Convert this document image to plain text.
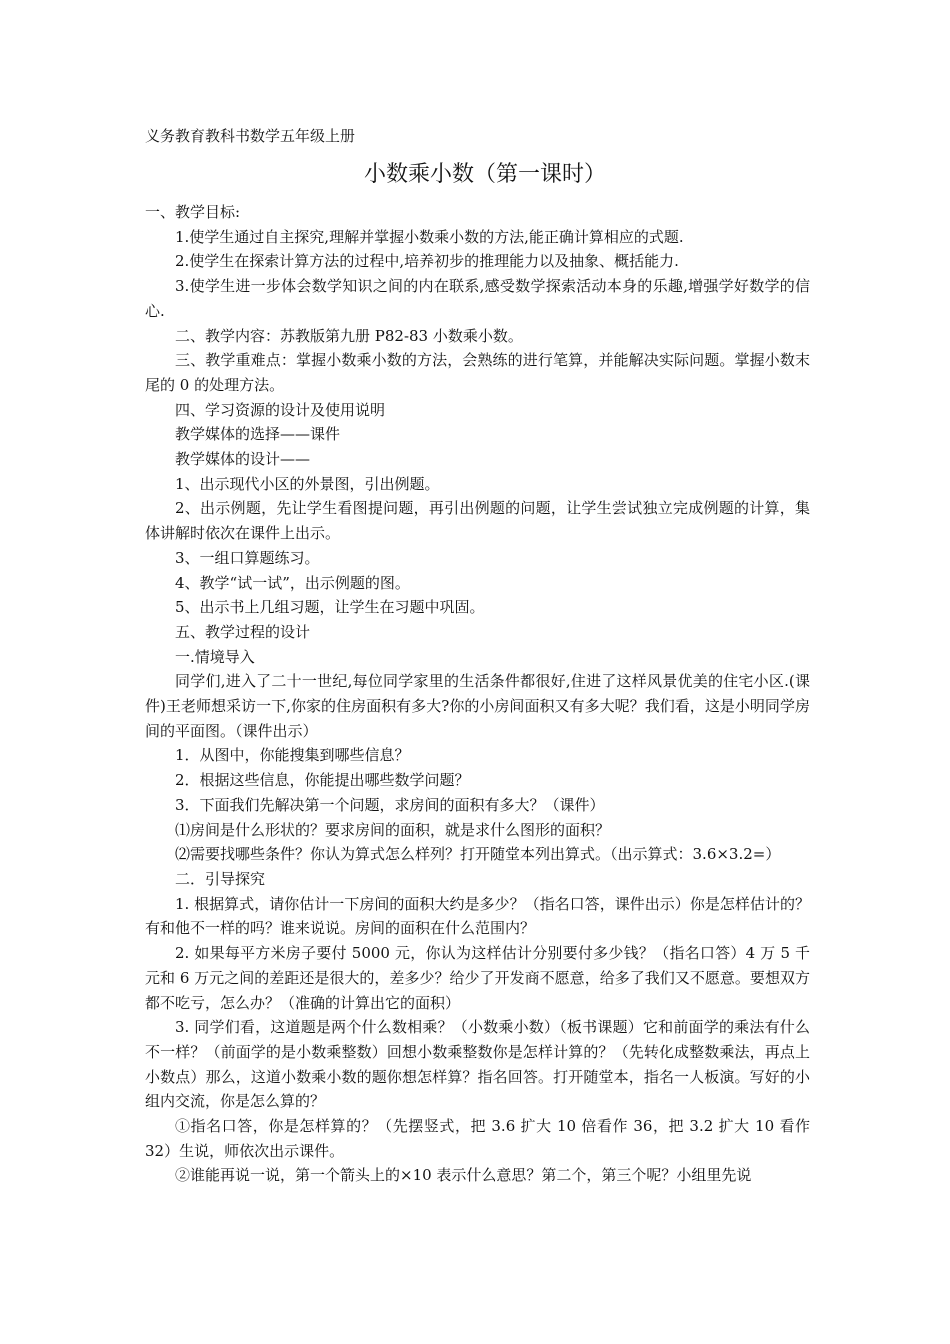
义务教育教科书数学五年级上册
小数乘小数（第一课时）

一、教学目标:

1.使学生通过自主探究,理解并掌握小数乘小数的方法,能正确计算相应的式题.

2.使学生在探索计算方法的过程中,培养初步的推理能力以及抽象、概括能力.

3.使学生进一步体会数学知识之间的内在联系,感受数学探索活动本身的乐趣,增强学好数学的信心.

二、教学内容：苏教版第九册 P82-83 小数乘小数。

三、教学重难点：掌握小数乘小数的方法，会熟练的进行笔算，并能解决实际问题。掌握小数末尾的 0 的处理方法。

四、学习资源的设计及使用说明

教学媒体的选择——课件

教学媒体的设计——

1、出示现代小区的外景图，引出例题。

2、出示例题，先让学生看图提问题，再引出例题的问题，让学生尝试独立完成例题的计算，集体讲解时依次在课件上出示。

3、一组口算题练习。

4、教学“试一试”，出示例题的图。

5、出示书上几组习题，让学生在习题中巩固。

五、教学过程的设计

一.情境导入

同学们,进入了二十一世纪,每位同学家里的生活条件都很好,住进了这样风景优美的住宅小区.(课件)王老师想采访一下,你家的住房面积有多大?你的小房间面积又有多大呢？我们看，这是小明同学房间的平面图。（课件出示）

1．从图中，你能搜集到哪些信息？

2．根据这些信息，你能提出哪些数学问题？

3．下面我们先解决第一个问题，求房间的面积有多大？（课件）

⑴房间是什么形状的？要求房间的面积，就是求什么图形的面积？

⑵需要找哪些条件？你认为算式怎么样列？打开随堂本列出算式。（出示算式：3.6×3.2=）

二．引导探究

1. 根据算式，请你估计一下房间的面积大约是多少？（指名口答，课件出示）你是怎样估计的？有和他不一样的吗？谁来说说。房间的面积在什么范围内？

2. 如果每平方米房子要付 5000 元，你认为这样估计分别要付多少钱？（指名口答）4 万 5 千元和 6 万元之间的差距还是很大的，差多少？给少了开发商不愿意，给多了我们又不愿意。要想双方都不吃亏，怎么办？（准确的计算出它的面积）

3. 同学们看，这道题是两个什么数相乘？（小数乘小数）（板书课题）它和前面学的乘法有什么不一样？（前面学的是小数乘整数）回想小数乘整数你是怎样计算的？（先转化成整数乘法，再点上小数点）那么，这道小数乘小数的题你想怎样算？指名回答。打开随堂本，指名一人板演。写好的小组内交流，你是怎么算的？

①指名口答，你是怎样算的？（先摆竖式，把 3.6 扩大 10 倍看作 36，把 3.2 扩大 10 看作 32）生说，师依次出示课件。

②谁能再说一说，第一个箭头上的×10 表示什么意思？第二个，第三个呢？小组里先说
